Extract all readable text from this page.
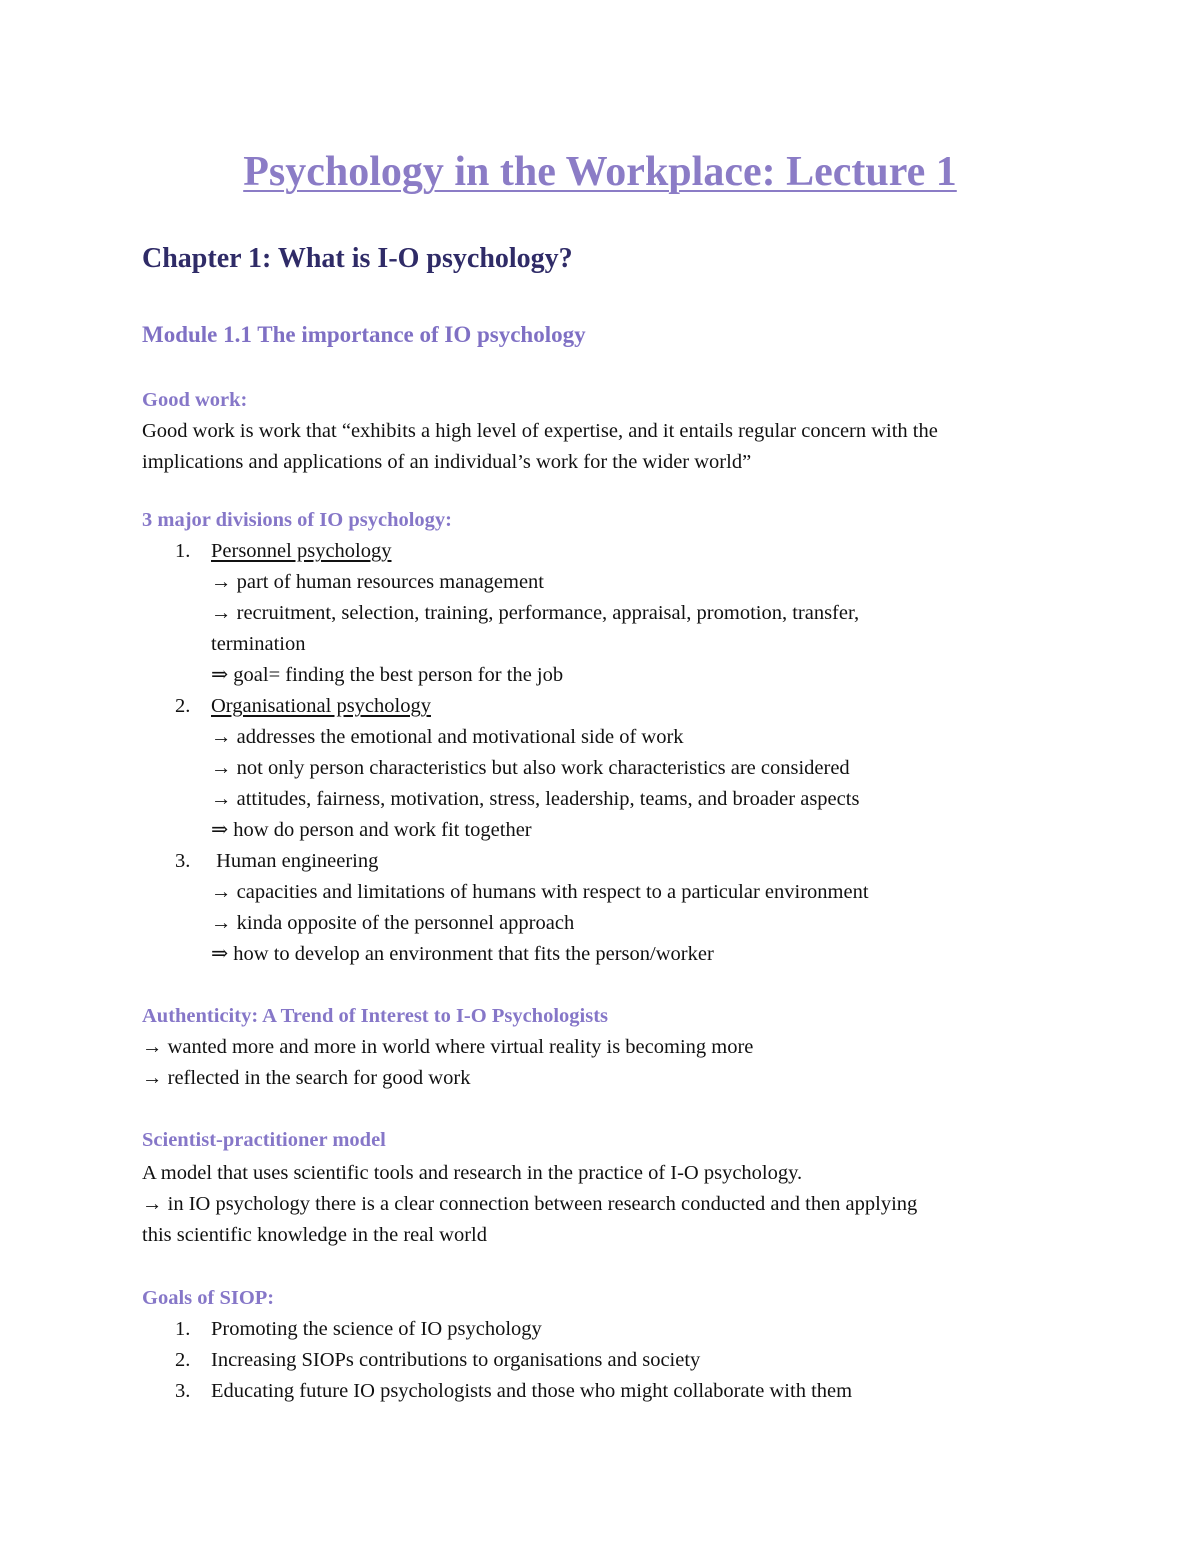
Psychology in the Workplace: Lecture 1
Chapter 1: What is I-O psychology?
Module 1.1 The importance of IO psychology
Good work:
Good work is work that “exhibits a high level of expertise, and it entails regular concern with the
implications and applications of an individual’s work for the wider world”
3 major divisions of IO psychology:
1. Personnel psychology
→ part of human resources management
→ recruitment, selection, training, performance, appraisal, promotion, transfer,
termination
⇒ goal= finding the best person for the job
2. Organisational psychology
→ addresses the emotional and motivational side of work
→ not only person characteristics but also work characteristics are considered
→ attitudes, fairness, motivation, stress, leadership, teams, and broader aspects
⇒ how do person and work fit together
3. Human engineering
→ capacities and limitations of humans with respect to a particular environment
→ kinda opposite of the personnel approach
⇒ how to develop an environment that fits the person/worker
Authenticity: A Trend of Interest to I-O Psychologists
→ wanted more and more in world where virtual reality is becoming more
→ reflected in the search for good work
Scientist-practitioner model
A model that uses scientific tools and research in the practice of I-O psychology.
→ in IO psychology there is a clear connection between research conducted and then applying
this scientific knowledge in the real world
Goals of SIOP:
1. Promoting the science of IO psychology
2. Increasing SIOPs contributions to organisations and society
3. Educating future IO psychologists and those who might collaborate with them
